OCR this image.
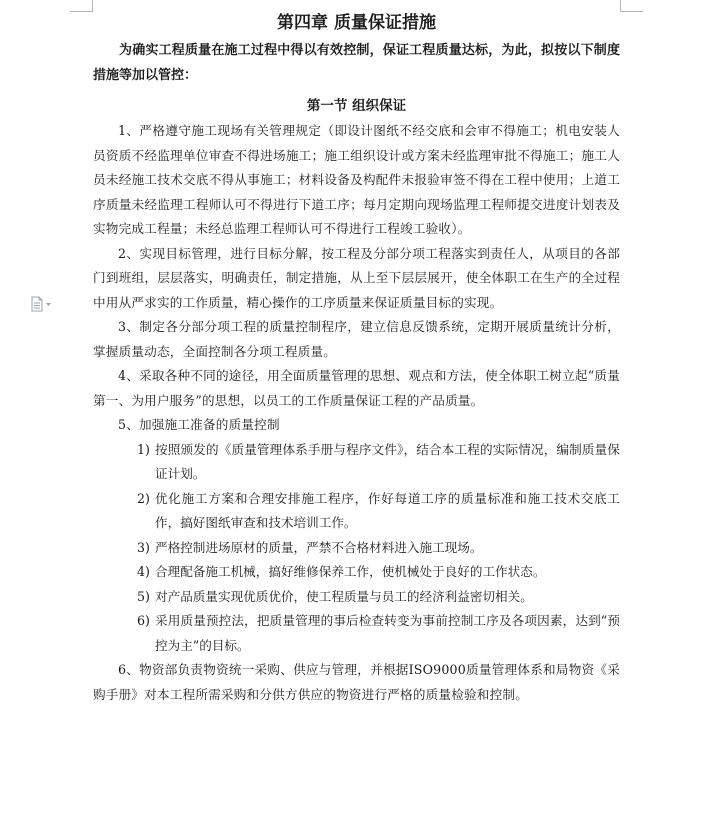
第四章 质量保证措施

为确实工程质量在施工过程中得以有效控制，保证工程质量达标，为此，拟按以下制度措施等加以管控：

第一节 组织保证

1、严格遵守施工现场有关管理规定（即设计图纸不经交底和会审不得施工；机电安装人员资质不经监理单位审查不得进场施工；施工组织设计或方案未经监理审批不得施工；施工人员未经施工技术交底不得从事施工；材料设备及构配件未报验审签不得在工程中使用；上道工序质量未经监理工程师认可不得进行下道工序；每月定期向现场监理工程师提交进度计划表及实物完成工程量；未经总监理工程师认可不得进行工程竣工验收）。

2、实现目标管理，进行目标分解，按工程及分部分项工程落实到责任人，从项目的各部门到班组，层层落实，明确责任，制定措施，从上至下层层展开，使全体职工在生产的全过程中用从严求实的工作质量，精心操作的工序质量来保证质量目标的实现。

3、制定各分部分项工程的质量控制程序，建立信息反馈系统，定期开展质量统计分析，掌握质量动态，全面控制各分项工程质量。

4、采取各种不同的途径，用全面质量管理的思想、观点和方法，使全体职工树立起“质量第一、为用户服务”的思想，以员工的工作质量保证工程的产品质量。

5、加强施工准备的质量控制

1) 按照颁发的《质量管理体系手册与程序文件》，结合本工程的实际情况，编制质量保证计划。
2) 优化施工方案和合理安排施工程序，作好每道工序的质量标准和施工技术交底工作，搞好图纸审查和技术培训工作。
3) 严格控制进场原材的质量，严禁不合格材料进入施工现场。
4) 合理配备施工机械，搞好维修保养工作，使机械处于良好的工作状态。
5) 对产品质量实现优质优价，使工程质量与员工的经济利益密切相关。
6) 采用质量预控法，把质量管理的事后检查转变为事前控制工序及各项因素，达到“预控为主”的目标。

6、物资部负责物资统一采购、供应与管理，并根据ISO9000质量管理体系和局物资《采购手册》对本工程所需采购和分供方供应的物资进行严格的质量检验和控制。
